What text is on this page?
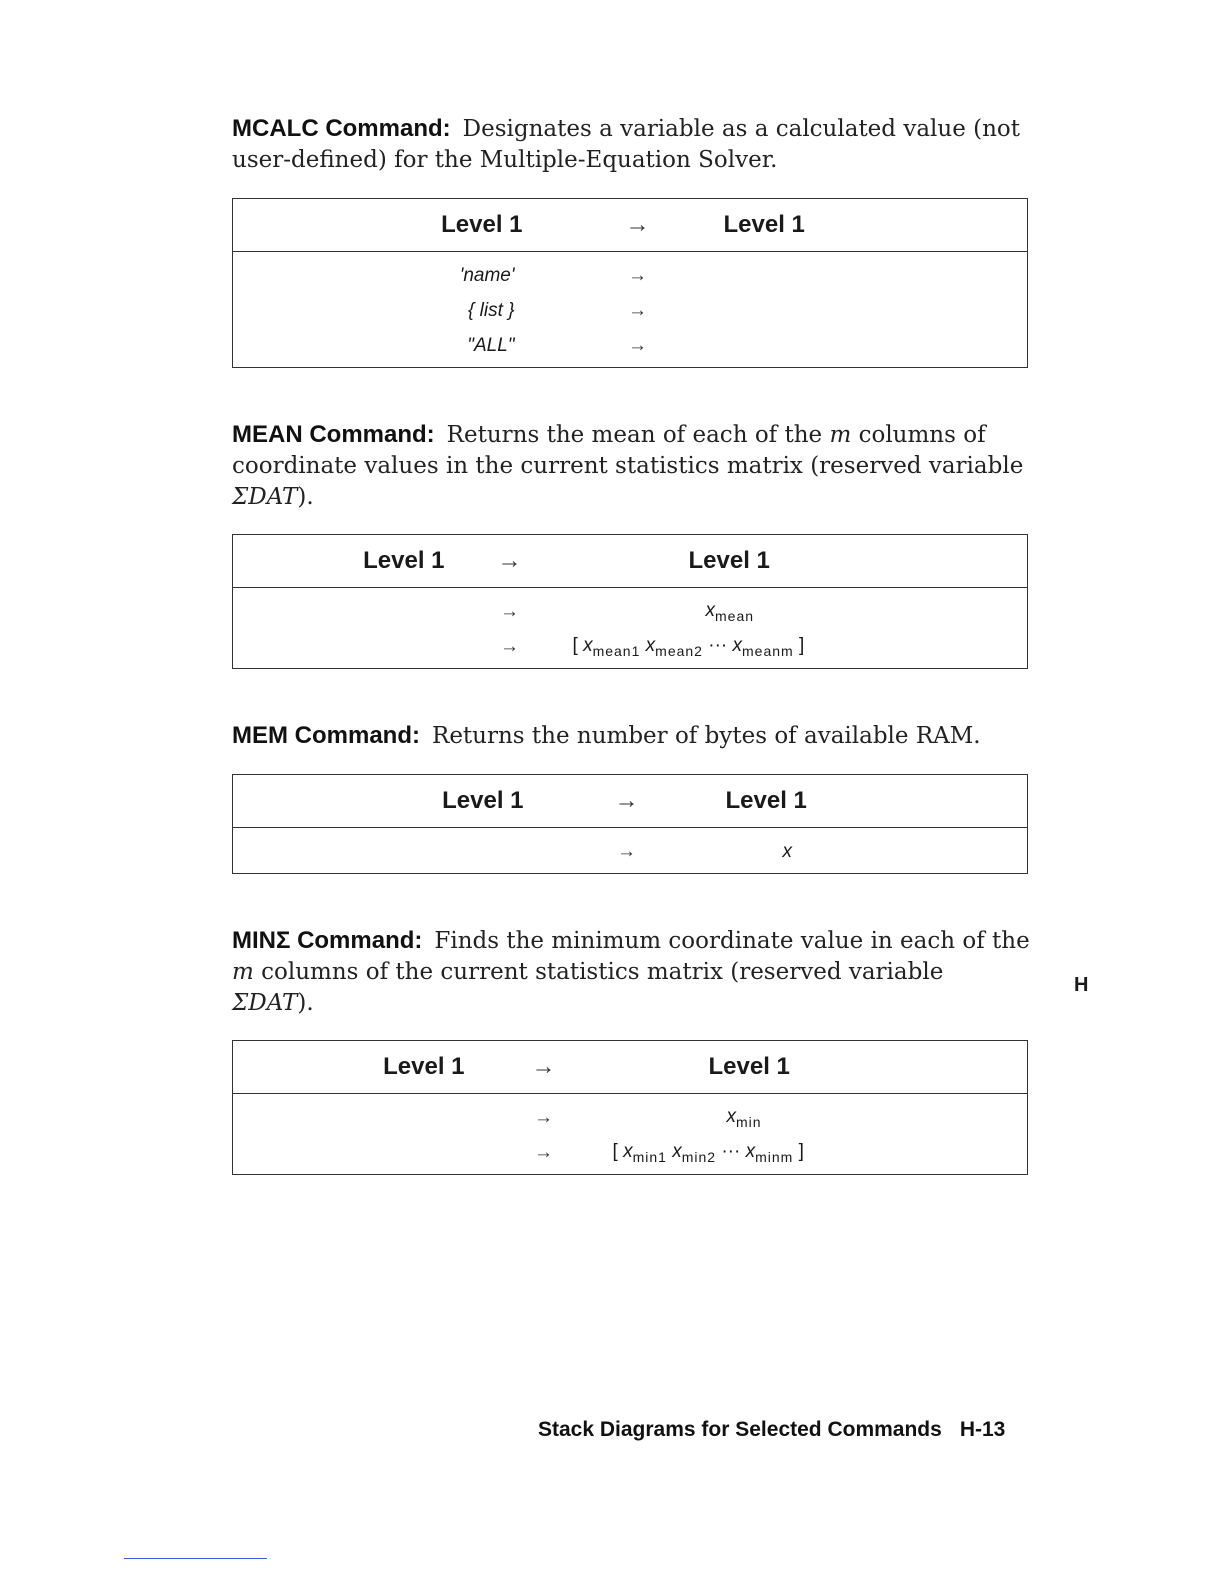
MCALC Command: Designates a variable as a calculated value (not user-defined) for the Multiple-Equation Solver.

Level 1	→	Level 1
'name'	→	
{ list }	→	
"ALL"	→	

MEAN Command: Returns the mean of each of the m columns of coordinate values in the current statistics matrix (reserved variable ΣDAT).

Level 1	→	Level 1
	→	$x_{mean}$
	→	[ $x_{mean1}$ $x_{mean2}$ ··· $x_{meanm}$ ]

MEM Command: Returns the number of bytes of available RAM.

Level 1	→	Level 1
	→	x

MINΣ Command: Finds the minimum coordinate value in each of the m columns of the current statistics matrix (reserved variable ΣDAT).

Level 1	→	Level 1
	→	$x_{min}$
	→	[ $x_{min1}$ $x_{min2}$ ··· $x_{minm}$ ]
H
Stack Diagrams for Selected Commands H-13
